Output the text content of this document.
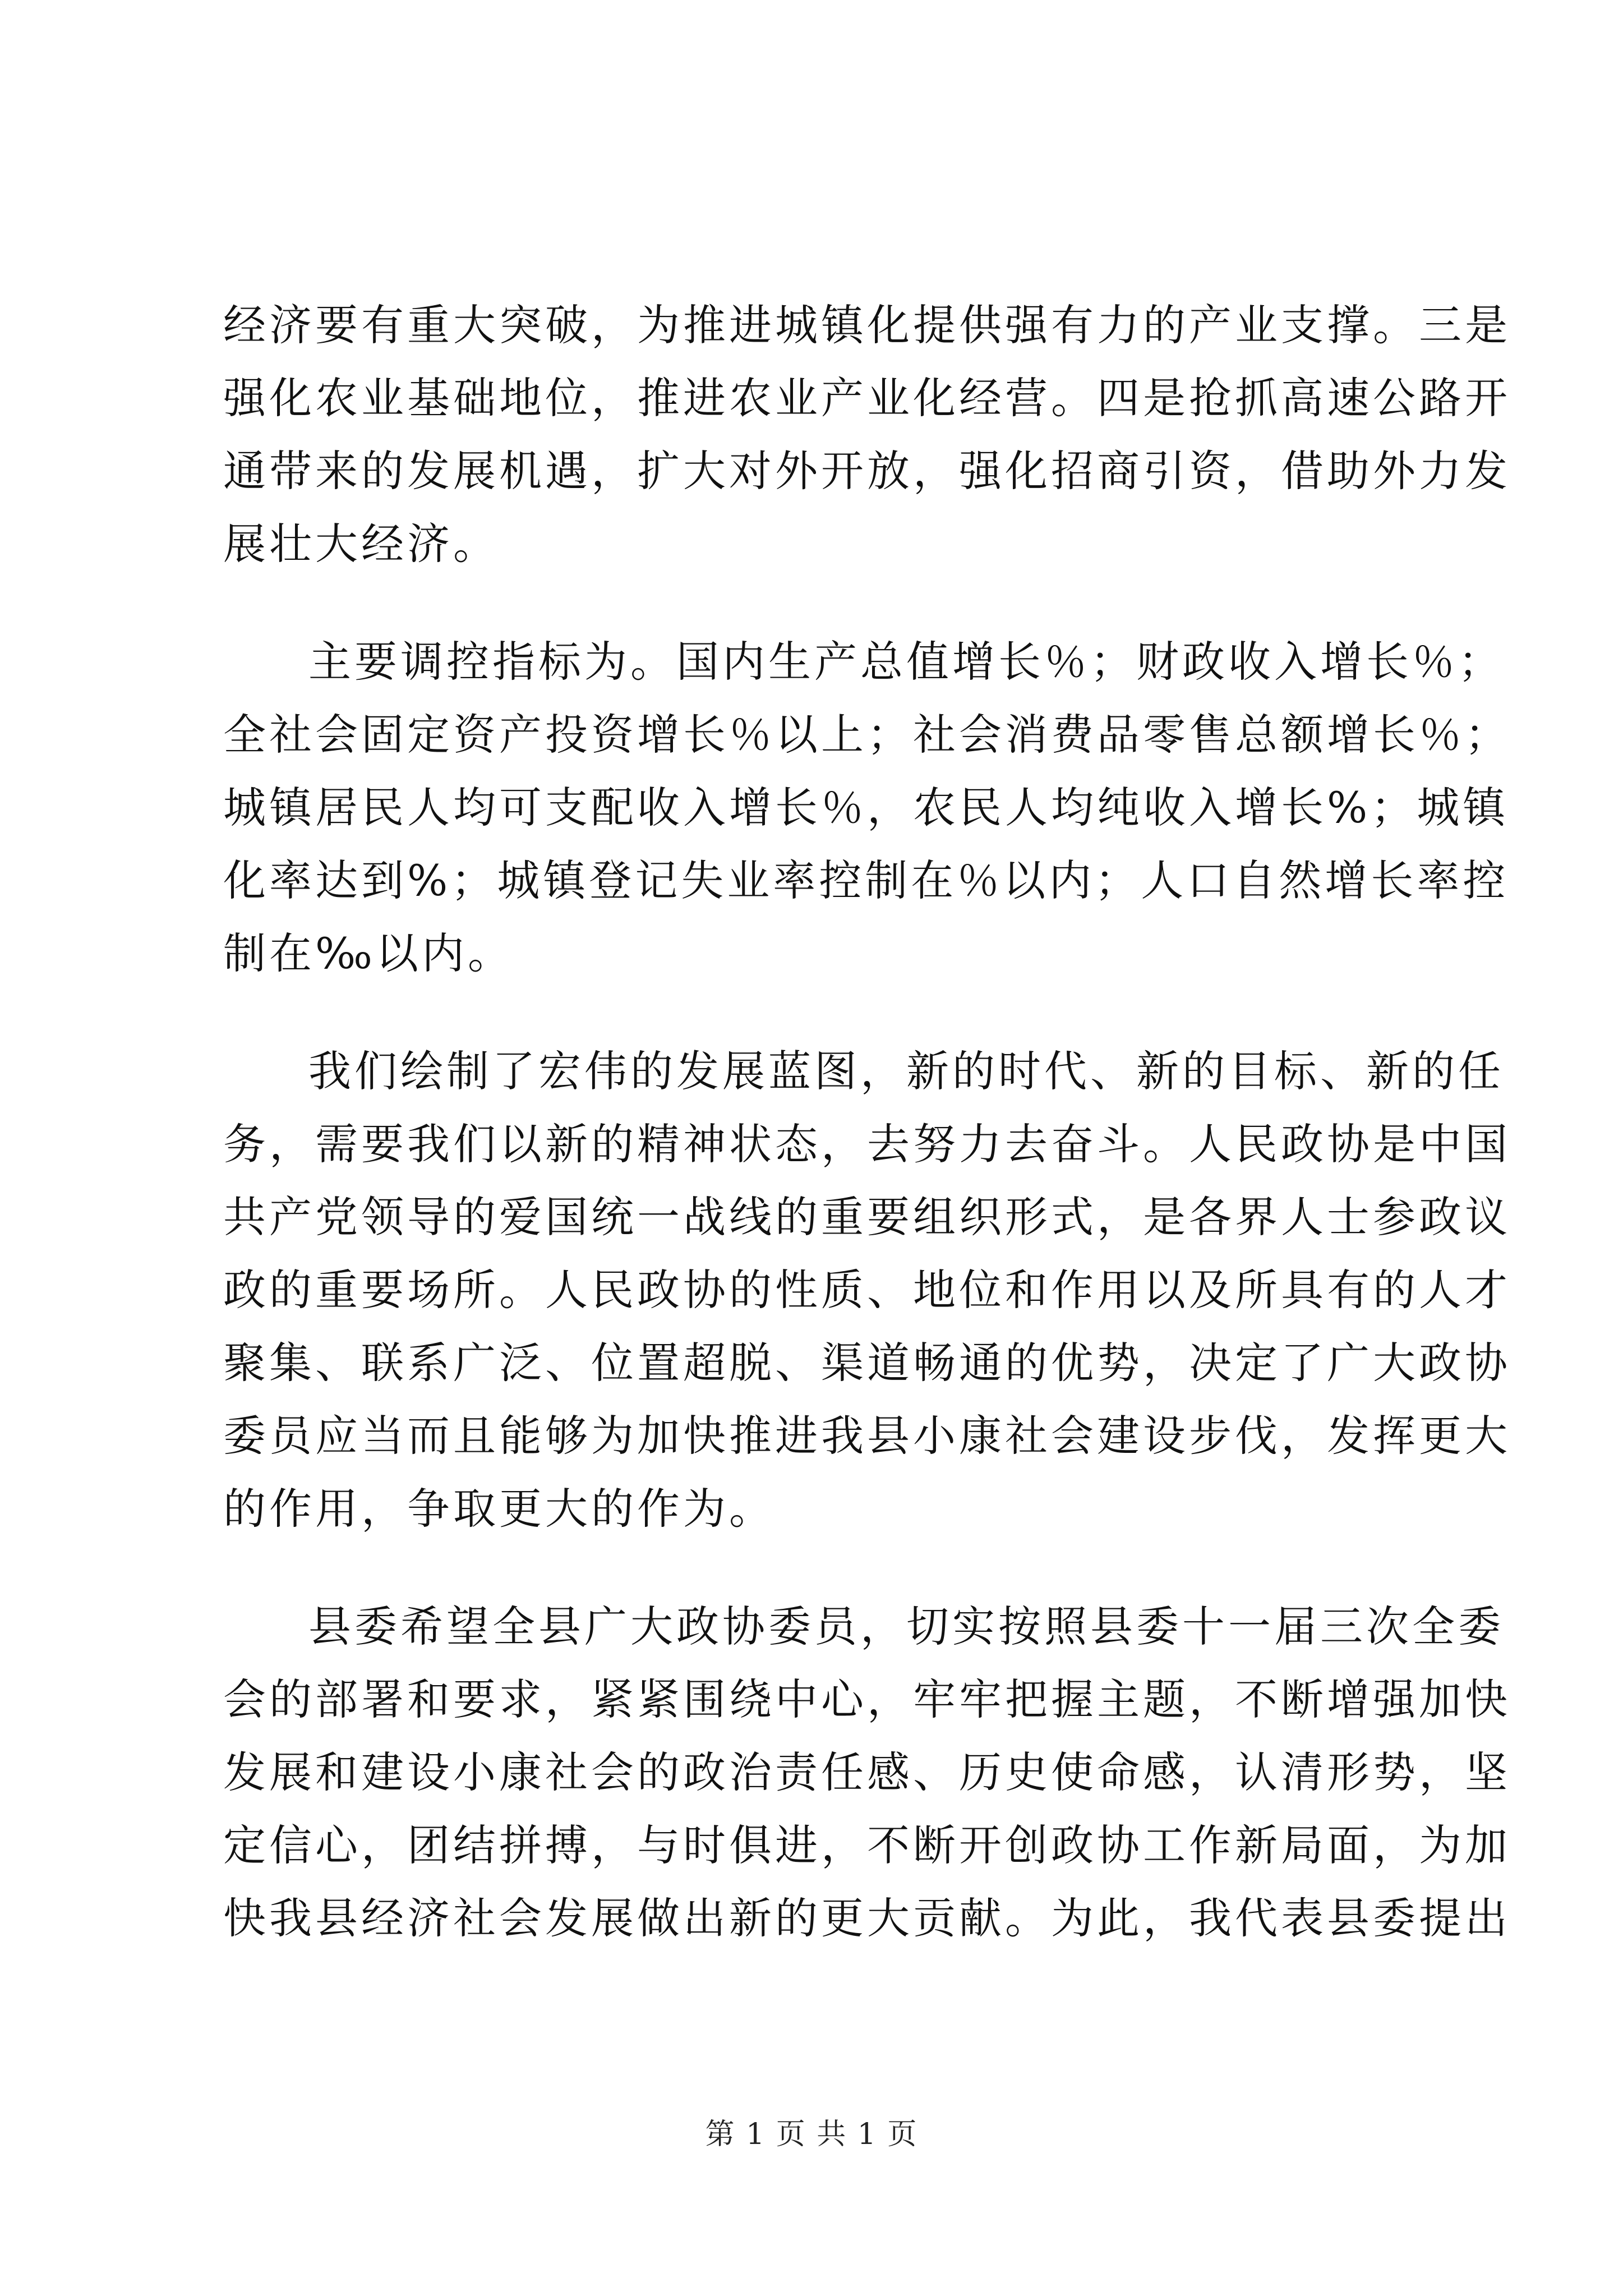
经济要有重大突破，为推进城镇化提供强有力的产业支撑。三是
强化农业基础地位，推进农业产业化经营。四是抢抓高速公路开
通带来的发展机遇，扩大对外开放，强化招商引资，借助外力发
展壮大经济。
主要调控指标为。国内生产总值增长％；财政收入增长％；
全社会固定资产投资增长％以上；社会消费品零售总额增长％；
城镇居民人均可支配收入增长％，农民人均纯收入增长%；城镇
化率达到%；城镇登记失业率控制在％以内；人口自然增长率控
制在‰以内。
我们绘制了宏伟的发展蓝图，新的时代、新的目标、新的任
务，需要我们以新的精神状态，去努力去奋斗。人民政协是中国
共产党领导的爱国统一战线的重要组织形式，是各界人士参政议
政的重要场所。人民政协的性质、地位和作用以及所具有的人才
聚集、联系广泛、位置超脱、渠道畅通的优势，决定了广大政协
委员应当而且能够为加快推进我县小康社会建设步伐，发挥更大
的作用，争取更大的作为。
县委希望全县广大政协委员，切实按照县委十一届三次全委
会的部署和要求，紧紧围绕中心，牢牢把握主题，不断增强加快
发展和建设小康社会的政治责任感、历史使命感，认清形势，坚
定信心，团结拼搏，与时俱进，不断开创政协工作新局面，为加
快我县经济社会发展做出新的更大贡献。为此，我代表县委提出
第 1 页 共 1 页
